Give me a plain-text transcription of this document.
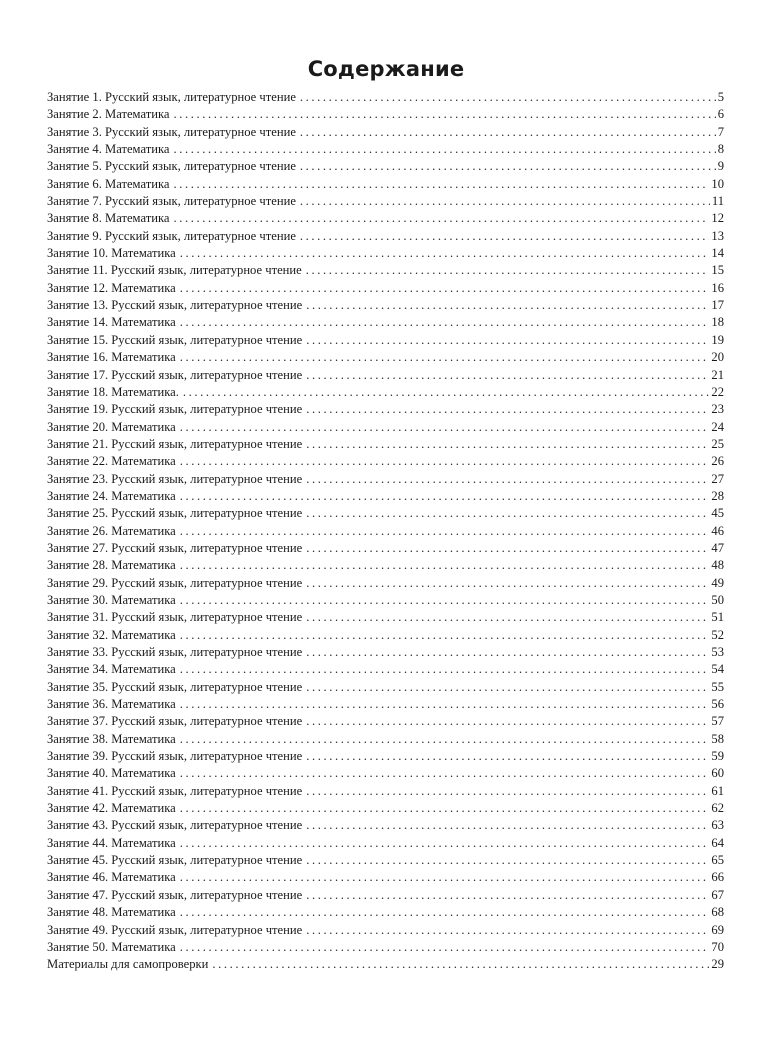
Содержание
Занятие 1. Русский язык, литературное чтение .....	5
Занятие 2. Математика .....	6
Занятие 3. Русский язык, литературное чтение .....	7
Занятие 4. Математика .....	8
Занятие 5. Русский язык, литературное чтение .....	9
Занятие 6. Математика .....	10
Занятие 7. Русский язык, литературное чтение .....	11
Занятие 8. Математика .....	12
Занятие 9. Русский язык, литературное чтение .....	13
Занятие 10. Математика .....	14
Занятие 11. Русский язык, литературное чтение .....	15
Занятие 12. Математика .....	16
Занятие 13. Русский язык, литературное чтение .....	17
Занятие 14. Математика .....	18
Занятие 15. Русский язык, литературное чтение .....	19
Занятие 16. Математика .....	20
Занятие 17. Русский язык, литературное чтение .....	21
Занятие 18. Математика. .....	22
Занятие 19. Русский язык, литературное чтение .....	23
Занятие 20. Математика .....	24
Занятие 21. Русский язык, литературное чтение .....	25
Занятие 22. Математика .....	26
Занятие 23. Русский язык, литературное чтение .....	27
Занятие 24. Математика .....	28
Занятие 25. Русский язык, литературное чтение .....	45
Занятие 26. Математика .....	46
Занятие 27. Русский язык, литературное чтение .....	47
Занятие 28. Математика .....	48
Занятие 29. Русский язык, литературное чтение .....	49
Занятие 30. Математика .....	50
Занятие 31. Русский язык, литературное чтение .....	51
Занятие 32. Математика .....	52
Занятие 33. Русский язык, литературное чтение .....	53
Занятие 34. Математика .....	54
Занятие 35. Русский язык, литературное чтение .....	55
Занятие 36. Математика .....	56
Занятие 37. Русский язык, литературное чтение .....	57
Занятие 38. Математика .....	58
Занятие 39. Русский язык, литературное чтение .....	59
Занятие 40. Математика .....	60
Занятие 41. Русский язык, литературное чтение .....	61
Занятие 42. Математика .....	62
Занятие 43. Русский язык, литературное чтение .....	63
Занятие 44. Математика .....	64
Занятие 45. Русский язык, литературное чтение .....	65
Занятие 46. Математика .....	66
Занятие 47. Русский язык, литературное чтение .....	67
Занятие 48. Математика .....	68
Занятие 49. Русский язык, литературное чтение .....	69
Занятие 50. Математика .....	70
Материалы для самопроверки .....	29
